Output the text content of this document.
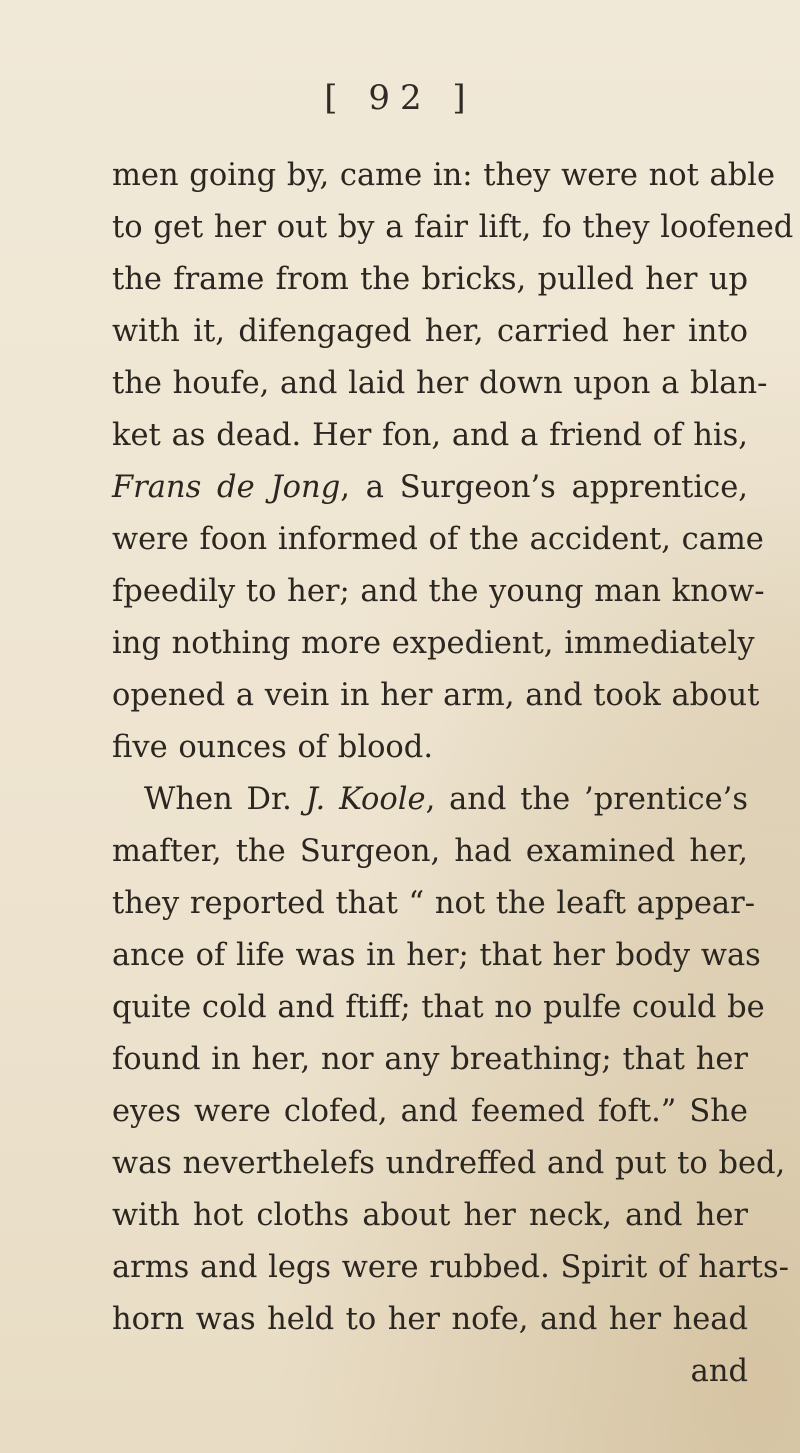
[ 92 ]
men going by, came in: they were not able
to get her out by a fair lift, fo they loofened
the frame from the bricks, pulled her up
with it, difengaged her, carried her into
the houfe, and laid her down upon a blan-
ket as dead. Her fon, and a friend of his,
Frans de Jong, a Surgeon’s apprentice,
were foon informed of the accident, came
fpeedily to her; and the young man know-
ing nothing more expedient, immediately
opened a vein in her arm, and took about
five ounces of blood.
When Dr. J. Koole, and the ’prentice’s
mafter, the Surgeon, had examined her,
they reported that “ not the leaft appear-
ance of life was in her; that her body was
quite cold and ftiff; that no pulfe could be
found in her, nor any breathing; that her
eyes were clofed, and feemed foft.” She
was neverthelefs undreffed and put to bed,
with hot cloths about her neck, and her
arms and legs were rubbed. Spirit of harts-
horn was held to her nofe, and her head
and
